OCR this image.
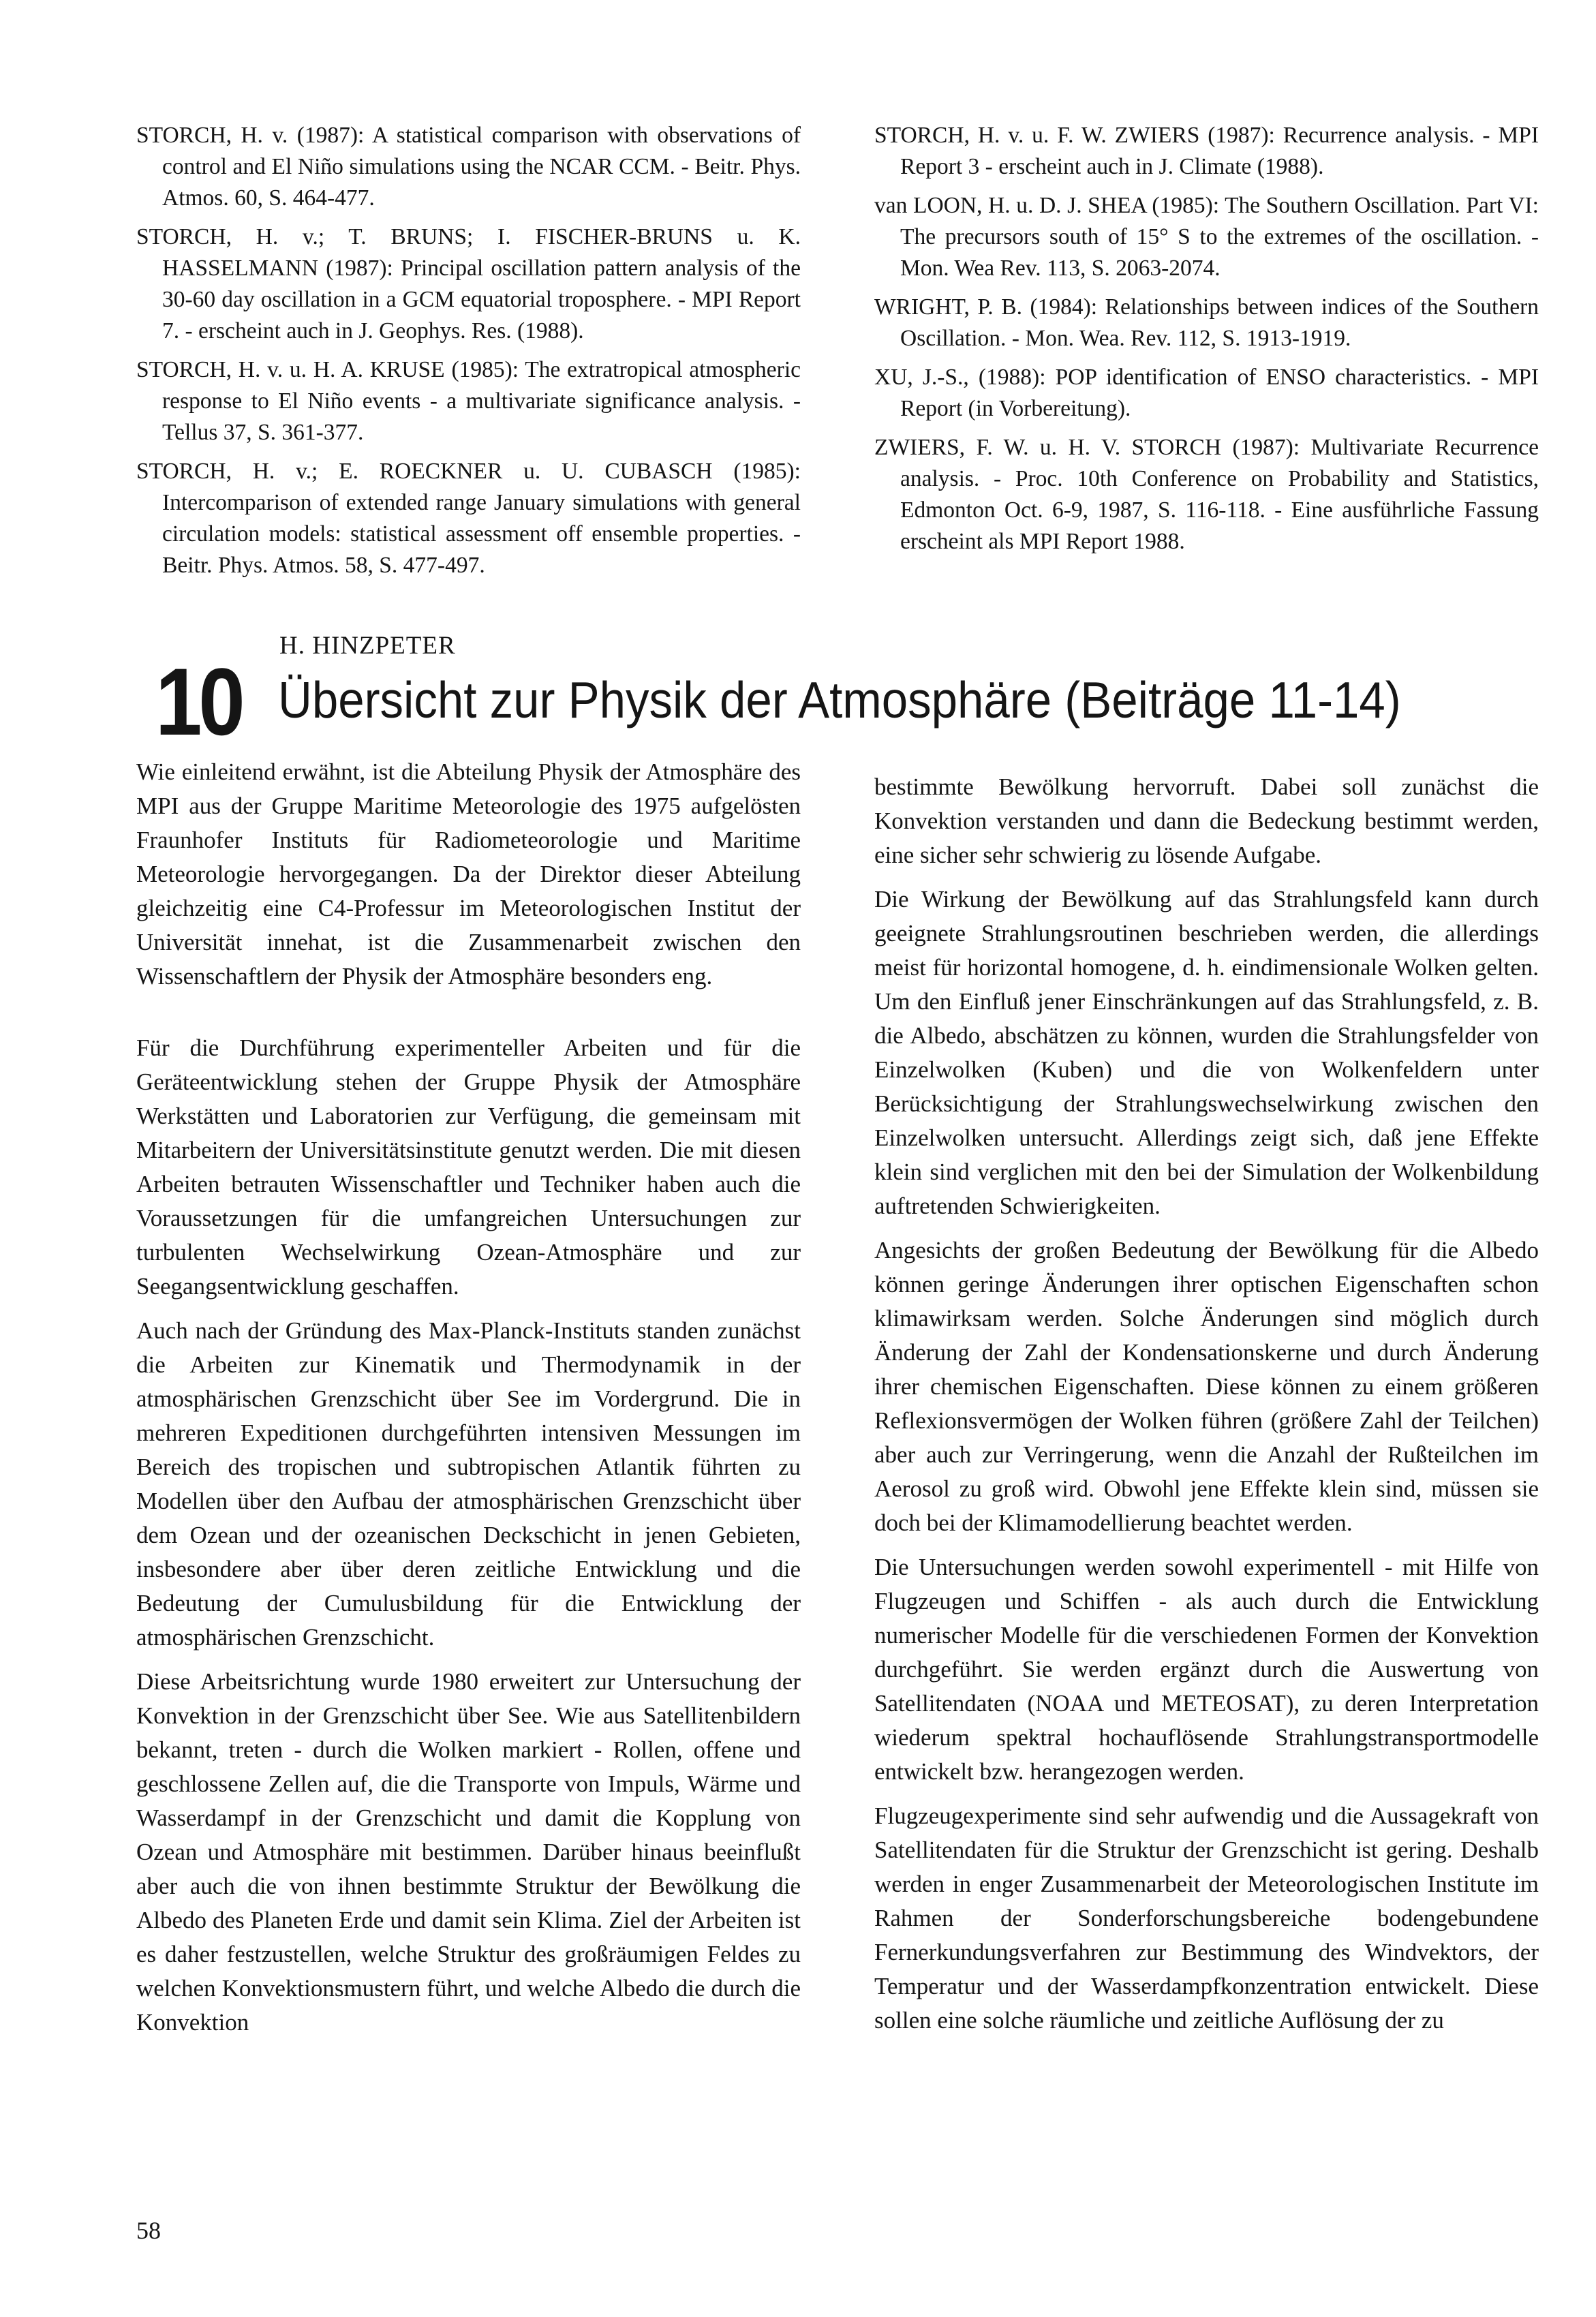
STORCH, H. v. (1987): A statistical comparison with observations of control and El Niño simulations using the NCAR CCM. - Beitr. Phys. Atmos. 60, S. 464-477.

STORCH, H. v.; T. BRUNS; I. FISCHER-BRUNS u. K. HASSELMANN (1987): Principal oscillation pattern analysis of the 30-60 day oscillation in a GCM equatorial troposphere. - MPI Report 7. - erscheint auch in J. Geophys. Res. (1988).

STORCH, H. v. u. H. A. KRUSE (1985): The extratropical atmospheric response to El Niño events - a multivariate significance analysis. - Tellus 37, S. 361-377.

STORCH, H. v.; E. ROECKNER u. U. CUBASCH (1985): Intercomparison of extended range January simulations with general circulation models: statistical assessment off ensemble properties. - Beitr. Phys. Atmos. 58, S. 477-497.

STORCH, H. v. u. F. W. ZWIERS (1987): Recurrence analysis. - MPI Report 3 - erscheint auch in J. Climate (1988).

van LOON, H. u. D. J. SHEA (1985): The Southern Oscillation. Part VI: The precursors south of 15° S to the extremes of the oscillation. - Mon. Wea Rev. 113, S. 2063-2074.

WRIGHT, P. B. (1984): Relationships between indices of the Southern Oscillation. - Mon. Wea. Rev. 112, S. 1913-1919.

XU, J.-S., (1988): POP identification of ENSO characteristics. - MPI Report (in Vorbereitung).

ZWIERS, F. W. u. H. V. STORCH (1987): Multivariate Recurrence analysis. - Proc. 10th Conference on Probability and Statistics, Edmonton Oct. 6-9, 1987, S. 116-118. - Eine ausführliche Fassung erscheint als MPI Report 1988.

10
H. HINZPETER
Übersicht zur Physik der Atmosphäre (Beiträge 11-14)

Wie einleitend erwähnt, ist die Abteilung Physik der Atmosphäre des MPI aus der Gruppe Maritime Meteorologie des 1975 aufgelösten Fraunhofer Instituts für Radiometeorologie und Maritime Meteorologie hervorgegangen. Da der Direktor dieser Abteilung gleichzeitig eine C4-Professur im Meteorologischen Institut der Universität innehat, ist die Zusammenarbeit zwischen den Wissenschaftlern der Physik der Atmosphäre besonders eng.

Für die Durchführung experimenteller Arbeiten und für die Geräteentwicklung stehen der Gruppe Physik der Atmosphäre Werkstätten und Laboratorien zur Verfügung, die gemeinsam mit Mitarbeitern der Universitätsinstitute genutzt werden. Die mit diesen Arbeiten betrauten Wissenschaftler und Techniker haben auch die Voraussetzungen für die umfangreichen Untersuchungen zur turbulenten Wechselwirkung Ozean-Atmosphäre und zur Seegangsentwicklung geschaffen.

Auch nach der Gründung des Max-Planck-Instituts standen zunächst die Arbeiten zur Kinematik und Thermodynamik in der atmosphärischen Grenzschicht über See im Vordergrund. Die in mehreren Expeditionen durchgeführten intensiven Messungen im Bereich des tropischen und subtropischen Atlantik führten zu Modellen über den Aufbau der atmosphärischen Grenzschicht über dem Ozean und der ozeanischen Deckschicht in jenen Gebieten, insbesondere aber über deren zeitliche Entwicklung und die Bedeutung der Cumulusbildung für die Entwicklung der atmosphärischen Grenzschicht.

Diese Arbeitsrichtung wurde 1980 erweitert zur Untersuchung der Konvektion in der Grenzschicht über See. Wie aus Satellitenbildern bekannt, treten - durch die Wolken markiert - Rollen, offene und geschlossene Zellen auf, die die Transporte von Impuls, Wärme und Wasserdampf in der Grenzschicht und damit die Kopplung von Ozean und Atmosphäre mit bestimmen. Darüber hinaus beeinflußt aber auch die von ihnen bestimmte Struktur der Bewölkung die Albedo des Planeten Erde und damit sein Klima. Ziel der Arbeiten ist es daher festzustellen, welche Struktur des großräumigen Feldes zu welchen Konvektionsmustern führt, und welche Albedo die durch die Konvektion

bestimmte Bewölkung hervorruft. Dabei soll zunächst die Konvektion verstanden und dann die Bedeckung bestimmt werden, eine sicher sehr schwierig zu lösende Aufgabe.

Die Wirkung der Bewölkung auf das Strahlungsfeld kann durch geeignete Strahlungsroutinen beschrieben werden, die allerdings meist für horizontal homogene, d. h. eindimensionale Wolken gelten. Um den Einfluß jener Einschränkungen auf das Strahlungsfeld, z. B. die Albedo, abschätzen zu können, wurden die Strahlungsfelder von Einzelwolken (Kuben) und die von Wolkenfeldern unter Berücksichtigung der Strahlungswechselwirkung zwischen den Einzelwolken untersucht. Allerdings zeigt sich, daß jene Effekte klein sind verglichen mit den bei der Simulation der Wolkenbildung auftretenden Schwierigkeiten.

Angesichts der großen Bedeutung der Bewölkung für die Albedo können geringe Änderungen ihrer optischen Eigenschaften schon klimawirksam werden. Solche Änderungen sind möglich durch Änderung der Zahl der Kondensationskerne und durch Änderung ihrer chemischen Eigenschaften. Diese können zu einem größeren Reflexionsvermögen der Wolken führen (größere Zahl der Teilchen) aber auch zur Verringerung, wenn die Anzahl der Rußteilchen im Aerosol zu groß wird. Obwohl jene Effekte klein sind, müssen sie doch bei der Klimamodellierung beachtet werden.

Die Untersuchungen werden sowohl experimentell - mit Hilfe von Flugzeugen und Schiffen - als auch durch die Entwicklung numerischer Modelle für die verschiedenen Formen der Konvektion durchgeführt. Sie werden ergänzt durch die Auswertung von Satellitendaten (NOAA und METEOSAT), zu deren Interpretation wiederum spektral hochauflösende Strahlungstransportmodelle entwickelt bzw. herangezogen werden.

Flugzeugexperimente sind sehr aufwendig und die Aussagekraft von Satellitendaten für die Struktur der Grenzschicht ist gering. Deshalb werden in enger Zusammenarbeit der Meteorologischen Institute im Rahmen der Sonderforschungsbereiche bodengebundene Fernerkundungsverfahren zur Bestimmung des Windvektors, der Temperatur und der Wasserdampfkonzentration entwickelt. Diese sollen eine solche räumliche und zeitliche Auflösung der zu

58
